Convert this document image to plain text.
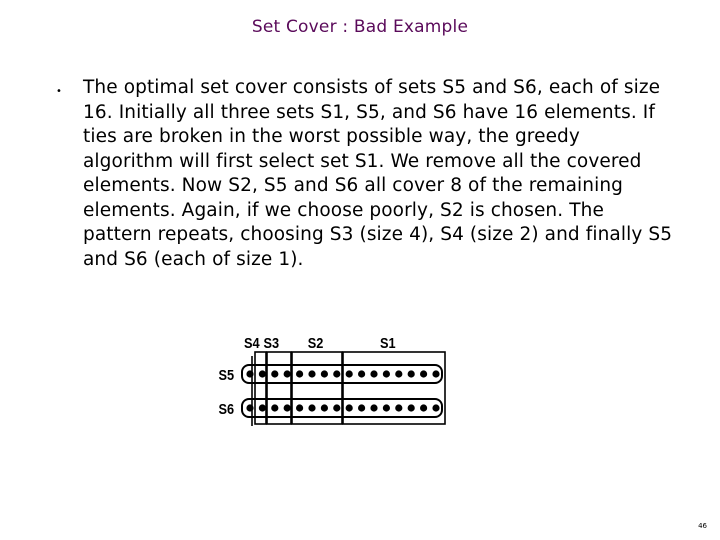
Set Cover : Bad Example
• The optimal set cover consists of sets S5 and S6, each of size 16. Initially all three sets S1, S5, and S6 have 16 elements. If ties are broken in the worst possible way, the greedy algorithm will first select set S1. We remove all the covered elements. Now S2, S5 and S6 all cover 8 of the remaining elements. Again, if we choose poorly, S2 is chosen. The pattern repeats, choosing S3 (size 4), S4 (size 2) and finally S5 and S6 (each of size 1).
S4 S3 S2	S1
S5
S6
46
